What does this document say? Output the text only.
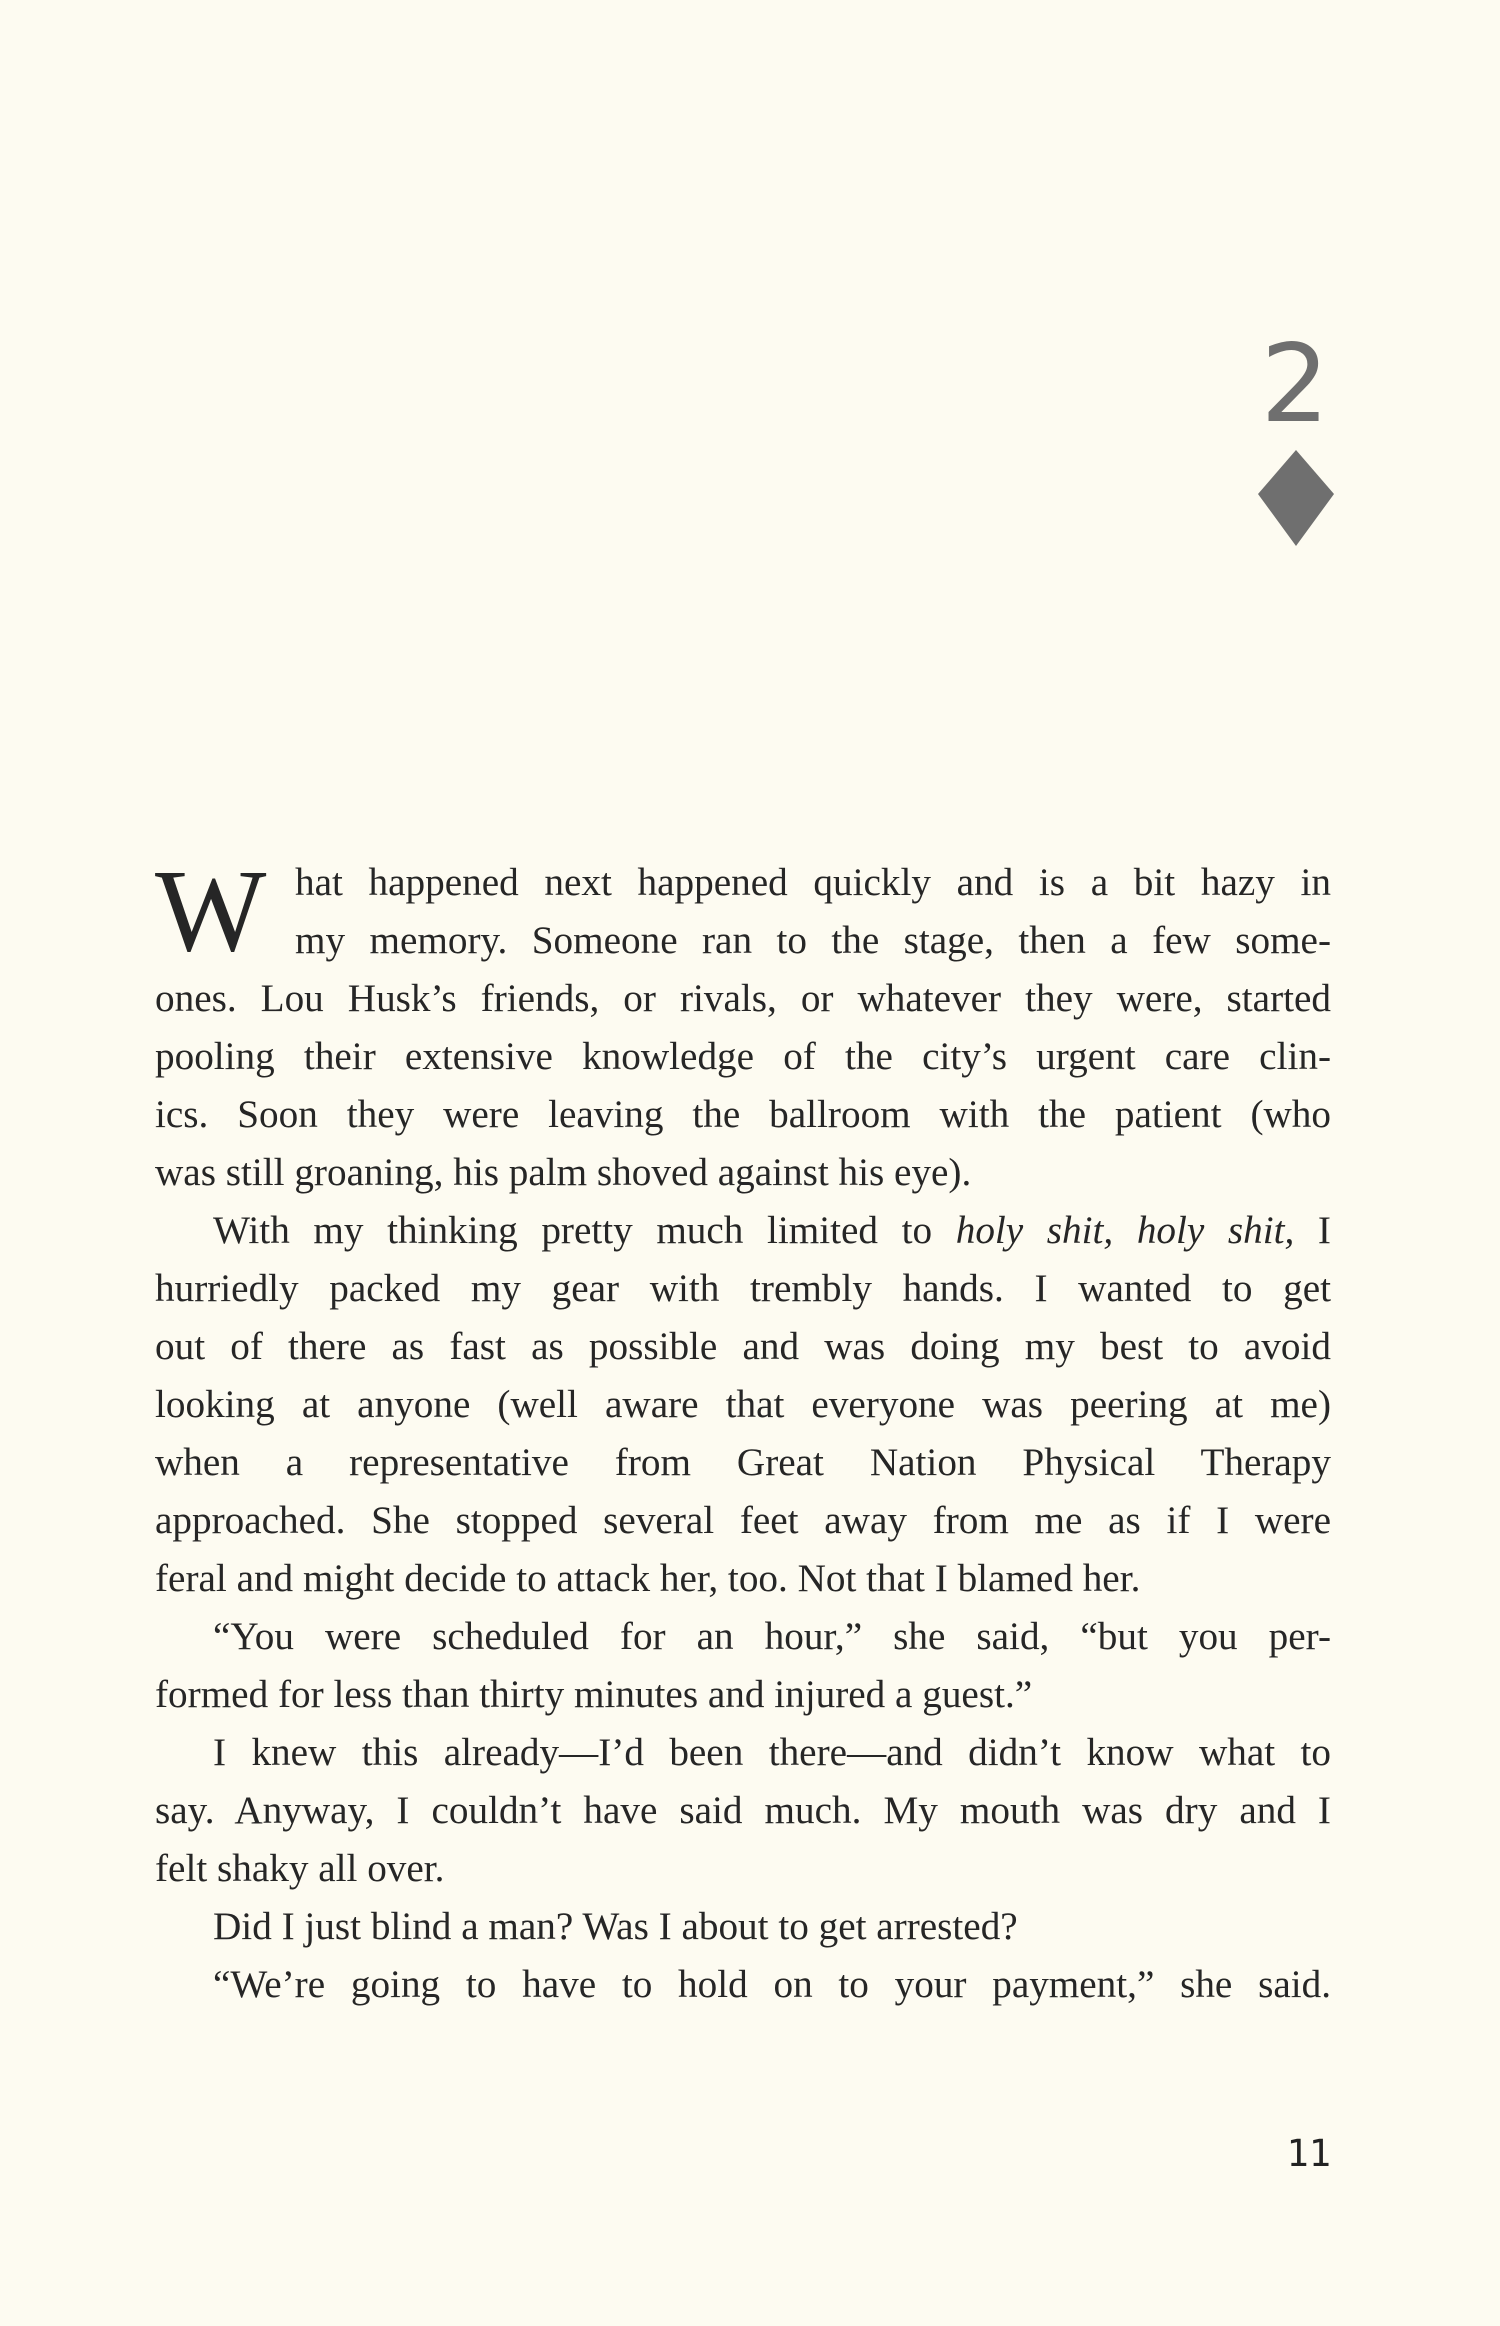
2
W hat happened next happened quickly and is a bit hazy in
my memory. Someone ran to the stage, then a few some-
ones. Lou Husk’s friends, or rivals, or whatever they were, started
pooling their extensive knowledge of the city’s urgent care clin-
ics. Soon they were leaving the ballroom with the patient (who
was still groaning, his palm shoved against his eye).
With my thinking pretty much limited to holy shit, holy shit, I
hurriedly packed my gear with trembly hands. I wanted to get
out of there as fast as possible and was doing my best to avoid
looking at anyone (well aware that everyone was peering at me)
when a representative from Great Nation Physical Therapy
approached. She stopped several feet away from me as if I were
feral and might decide to attack her, too. Not that I blamed her.
“You were scheduled for an hour,” she said, “but you per-
formed for less than thirty minutes and injured a guest.”
I knew this already—I’d been there—and didn’t know what to
say. Anyway, I couldn’t have said much. My mouth was dry and I
felt shaky all over.
Did I just blind a man? Was I about to get arrested?
“We’re going to have to hold on to your payment,” she said.
11
